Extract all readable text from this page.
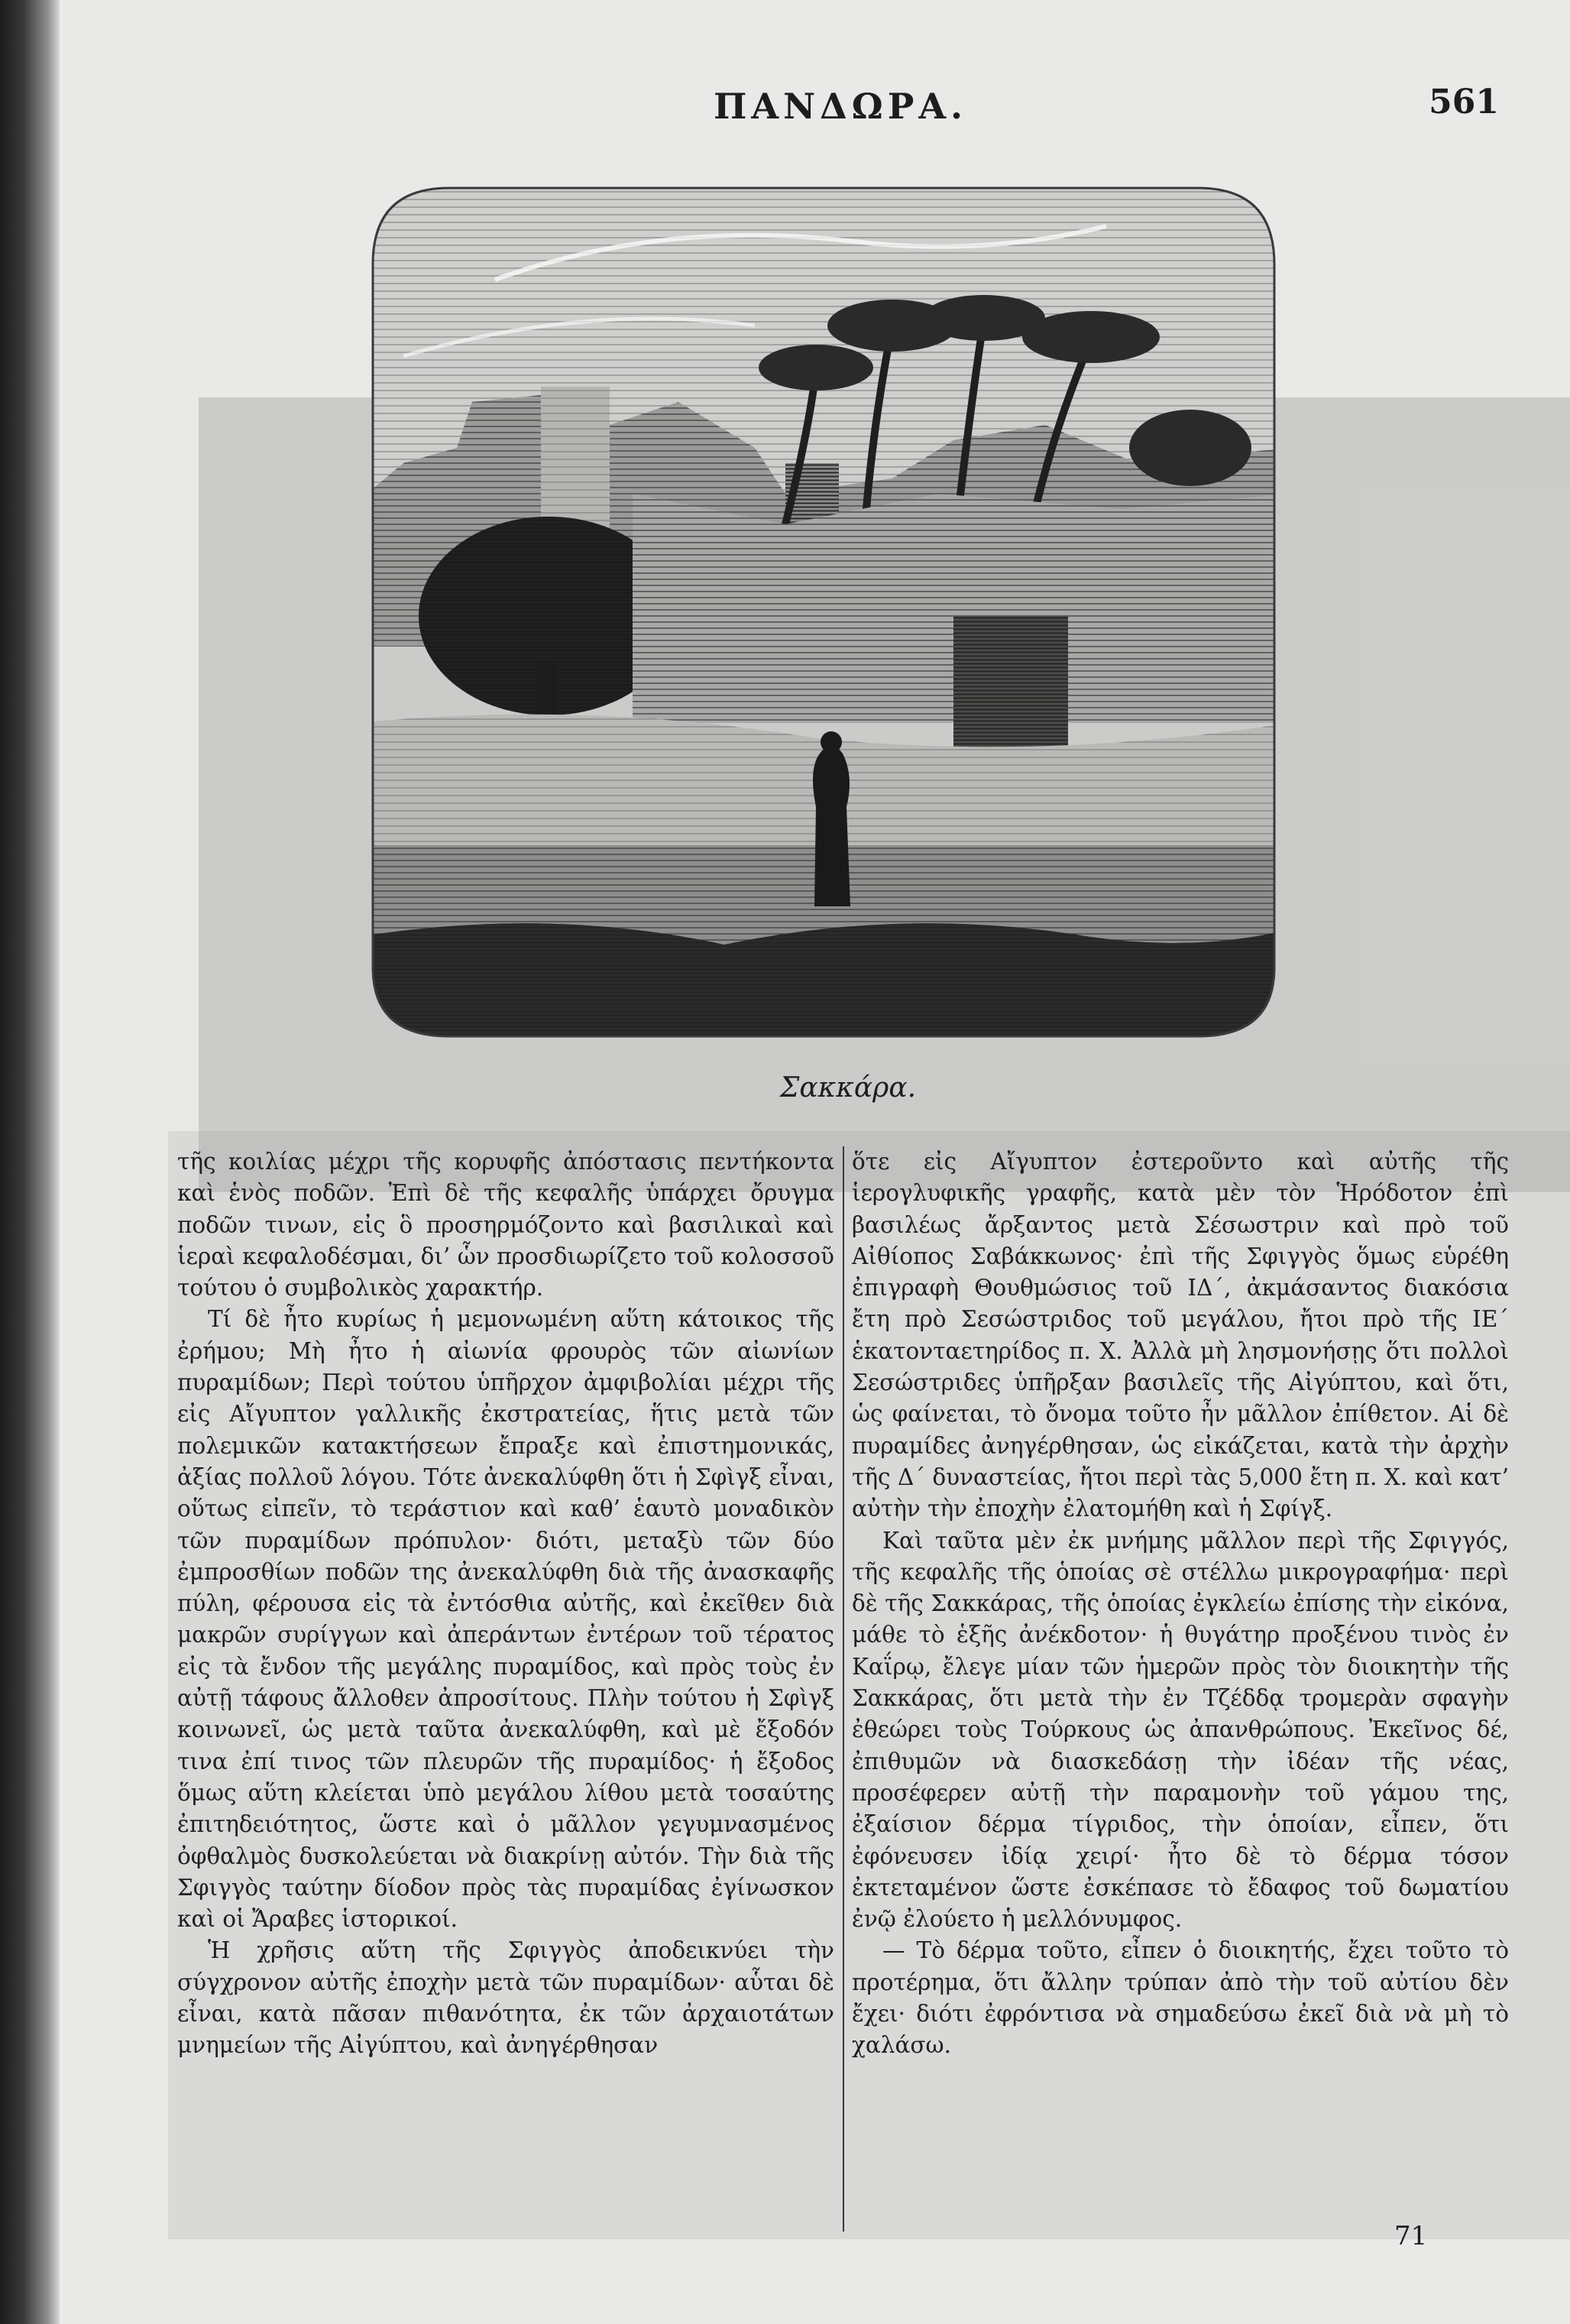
ΠΑΝΔΩΡΑ.	561
Σακκάρα.

τῆς κοιλίας μέχρι τῆς κορυφῆς ἀπόστασις πεντήκοντα καὶ ἑνὸς ποδῶν. Ἐπὶ δὲ τῆς κεφαλῆς ὑπάρχει ὄρυγμα ποδῶν τινων, εἰς ὃ προσηρμόζοντο καὶ βασιλικαὶ καὶ ἱεραὶ κεφαλοδέσμαι, δι’ ὧν προσδιωρίζετο τοῦ κολοσσοῦ τούτου ὁ συμβολικὸς χαρακτήρ.

Τί δὲ ἦτο κυρίως ἡ μεμονωμένη αὕτη κάτοικος τῆς ἐρήμου; Μὴ ἦτο ἡ αἰωνία φρουρὸς τῶν αἰωνίων πυραμίδων; Περὶ τούτου ὑπῆρχον ἀμφιβολίαι μέχρι τῆς εἰς Αἴγυπτον γαλλικῆς ἐκστρατείας, ἥτις μετὰ τῶν πολεμικῶν κατακτήσεων ἔπραξε καὶ ἐπιστημονικάς, ἀξίας πολλοῦ λόγου. Τότε ἀνεκαλύφθη ὅτι ἡ Σφὶγξ εἶναι, οὕτως εἰπεῖν, τὸ τεράστιον καὶ καθ’ ἑαυτὸ μοναδικὸν τῶν πυραμίδων πρόπυλον· διότι, μεταξὺ τῶν δύο ἐμπροσθίων ποδῶν της ἀνεκαλύφθη διὰ τῆς ἀνασκαφῆς πύλη, φέρουσα εἰς τὰ ἐντόσθια αὐτῆς, καὶ ἐκεῖθεν διὰ μακρῶν συρίγγων καὶ ἀπεράντων ἐντέρων τοῦ τέρατος εἰς τὰ ἔνδον τῆς μεγάλης πυραμίδος, καὶ πρὸς τοὺς ἐν αὐτῇ τάφους ἄλλοθεν ἀπροσίτους. Πλὴν τούτου ἡ Σφὶγξ κοινωνεῖ, ὡς μετὰ ταῦτα ἀνεκαλύφθη, καὶ μὲ ἔξοδόν τινα ἐπί τινος τῶν πλευρῶν τῆς πυραμίδος· ἡ ἔξοδος ὅμως αὕτη κλείεται ὑπὸ μεγάλου λίθου μετὰ τοσαύτης ἐπιτηδειότητος, ὥστε καὶ ὁ μᾶλλον γεγυμνασμένος ὀφθαλμὸς δυσκολεύεται νὰ διακρίνῃ αὐτόν. Τὴν διὰ τῆς Σφιγγὸς ταύτην δίοδον πρὸς τὰς πυραμίδας ἐγίνωσκον καὶ οἱ Ἄραβες ἱστορικοί.

Ἡ χρῆσις αὕτη τῆς Σφιγγὸς ἀποδεικνύει τὴν σύγχρονον αὐτῆς ἐποχὴν μετὰ τῶν πυραμίδων· αὗται δὲ εἶναι, κατὰ πᾶσαν πιθανότητα, ἐκ τῶν ἀρχαιοτάτων μνημείων τῆς Αἰγύπτου, καὶ ἀνηγέρθησαν

ὅτε εἰς Αἴγυπτον ἐστεροῦντο καὶ αὐτῆς τῆς ἱερογλυφικῆς γραφῆς, κατὰ μὲν τὸν Ἡρόδοτον ἐπὶ βασιλέως ἄρξαντος μετὰ Σέσωστριν καὶ πρὸ τοῦ Αἰθίοπος Σαβάκκωνος· ἐπὶ τῆς Σφιγγὸς ὅμως εὑρέθη ἐπιγραφὴ Θουθμώσιος τοῦ ΙΔ΄, ἀκμάσαντος διακόσια ἔτη πρὸ Σεσώστριδος τοῦ μεγάλου, ἤτοι πρὸ τῆς ΙΕ΄ ἑκατονταετηρίδος π. Χ. Ἀλλὰ μὴ λησμονήσῃς ὅτι πολλοὶ Σεσώστριδες ὑπῆρξαν βασιλεῖς τῆς Αἰγύπτου, καὶ ὅτι, ὡς φαίνεται, τὸ ὄνομα τοῦτο ἦν μᾶλλον ἐπίθετον. Αἱ δὲ πυραμίδες ἀνηγέρθησαν, ὡς εἰκάζεται, κατὰ τὴν ἀρχὴν τῆς Δ΄ δυναστείας, ἤτοι περὶ τὰς 5,000 ἔτη π. Χ. καὶ κατ’ αὐτὴν τὴν ἐποχὴν ἐλατομήθη καὶ ἡ Σφίγξ.

Καὶ ταῦτα μὲν ἐκ μνήμης μᾶλλον περὶ τῆς Σφιγγός, τῆς κεφαλῆς τῆς ὁποίας σὲ στέλλω μικρογραφήμα· περὶ δὲ τῆς Σακκάρας, τῆς ὁποίας ἐγκλείω ἐπίσης τὴν εἰκόνα, μάθε τὸ ἑξῆς ἀνέκδοτον· ἡ θυγάτηρ προξένου τινὸς ἐν Καΐρῳ, ἔλεγε μίαν τῶν ἡμερῶν πρὸς τὸν διοικητὴν τῆς Σακκάρας, ὅτι μετὰ τὴν ἐν Τζέδδᾳ τρομερὰν σφαγὴν ἐθεώρει τοὺς Τούρκους ὡς ἀπανθρώπους. Ἐκεῖνος δέ, ἐπιθυμῶν νὰ διασκεδάσῃ τὴν ἰδέαν τῆς νέας, προσέφερεν αὐτῇ τὴν παραμονὴν τοῦ γάμου της, ἐξαίσιον δέρμα τίγριδος, τὴν ὁποίαν, εἶπεν, ὅτι ἐφόνευσεν ἰδίᾳ χειρί· ἦτο δὲ τὸ δέρμα τόσον ἐκτεταμένον ὥστε ἐσκέπασε τὸ ἔδαφος τοῦ δωματίου ἐνῷ ἐλούετο ἡ μελλόνυμφος.

— Τὸ δέρμα τοῦτο, εἶπεν ὁ διοικητής, ἔχει τοῦτο τὸ προτέρημα, ὅτι ἄλλην τρύπαν ἀπὸ τὴν τοῦ αὐτίου δὲν ἔχει· διότι ἐφρόντισα νὰ σημαδεύσω ἐκεῖ διὰ νὰ μὴ τὸ χαλάσω.

71
